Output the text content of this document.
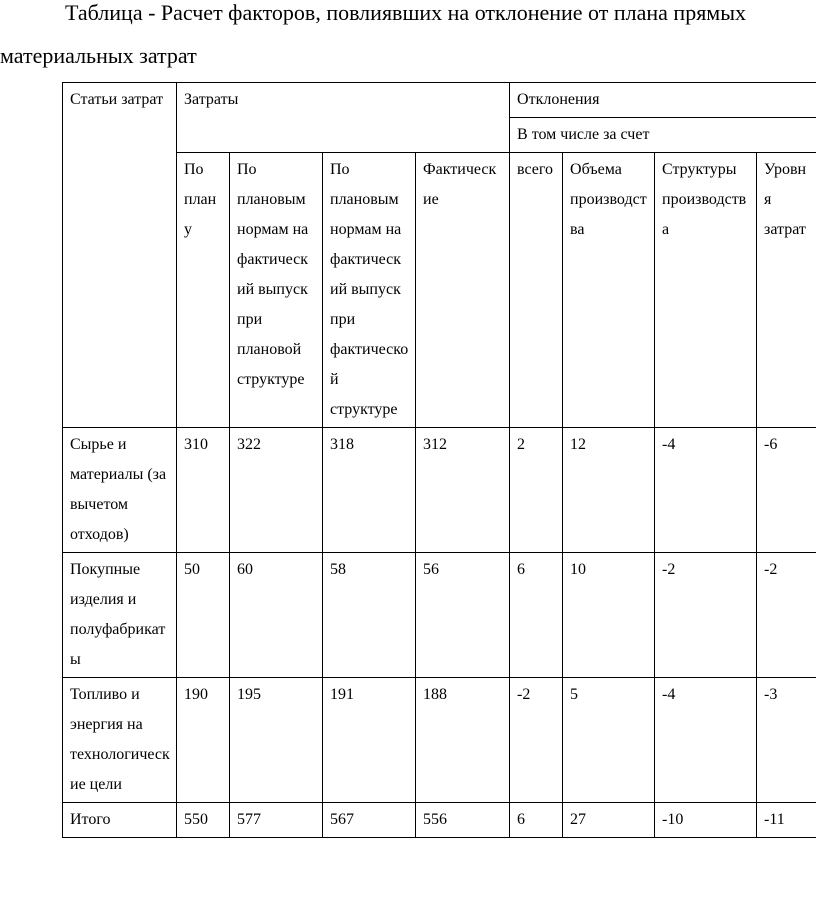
Таблица - Расчет факторов, повлиявших на отклонение от плана прямых
материальных затрат
Статьи затрат	Затраты				Отклонения			
					В том числе за счет			
	По плану	По плановым нормам на фактический выпуск при плановой структуре	По плановым нормам на фактический выпуск при фактической структуре	Фактические	всего	Объема производства	Структуры производства	Уровня затрат
Сырье и материалы (за вычетом отходов)	310	322	318	312	2	12	-4	-6
Покупные изделия и полуфабрикаты	50	60	58	56	6	10	-2	-2
Топливо и энергия на технологические цели	190	195	191	188	-2	5	-4	-3
Итого	550	577	567	556	6	27	-10	-11
